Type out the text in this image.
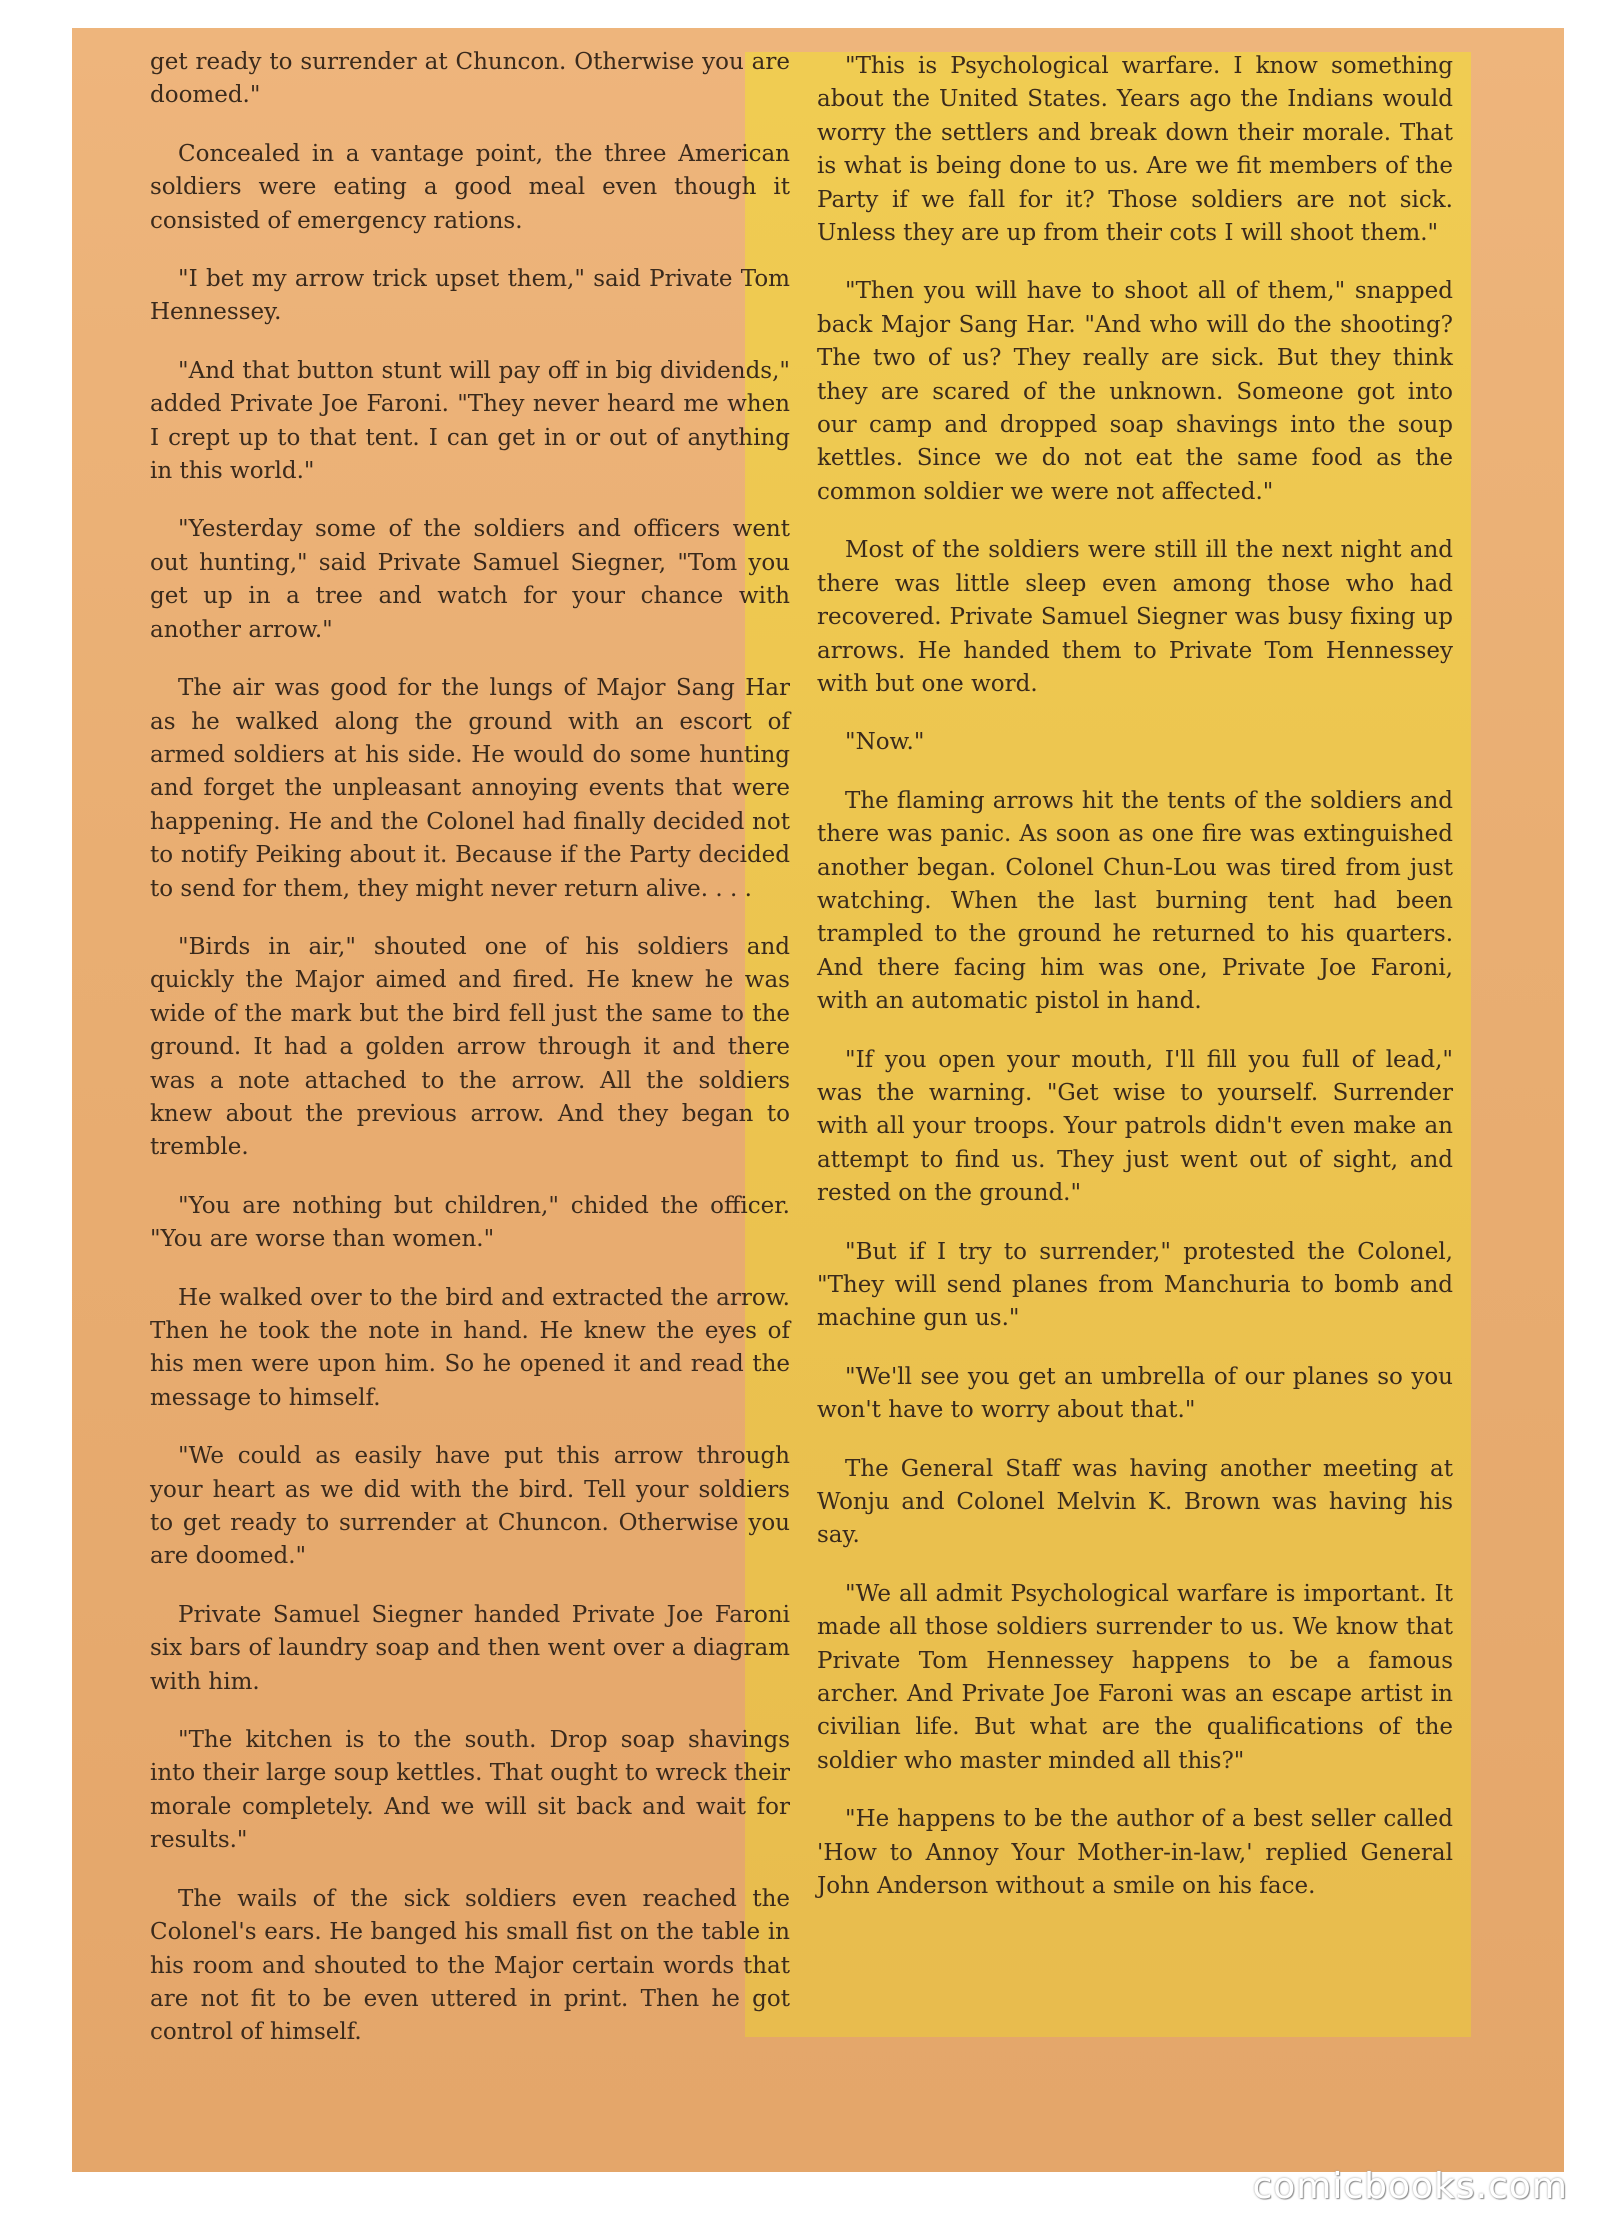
get ready to surrender at Chuncon. Otherwise you are doomed."

Concealed in a vantage point, the three American soldiers were eating a good meal even though it consisted of emergency rations.

"I bet my arrow trick upset them," said Private Tom Hennessey.

"And that button stunt will pay off in big dividends," added Private Joe Faroni. "They never heard me when I crept up to that tent. I can get in or out of anything in this world."

"Yesterday some of the soldiers and officers went out hunting," said Private Samuel Siegner, "Tom you get up in a tree and watch for your chance with another arrow."

The air was good for the lungs of Major Sang Har as he walked along the ground with an escort of armed soldiers at his side. He would do some hunting and forget the unpleasant annoying events that were happening. He and the Colonel had finally decided not to notify Peiking about it. Because if the Party decided to send for them, they might never return alive. . . .

"Birds in air," shouted one of his soldiers and quickly the Major aimed and fired. He knew he was wide of the mark but the bird fell just the same to the ground. It had a golden arrow through it and there was a note attached to the arrow. All the soldiers knew about the previous arrow. And they began to tremble.

"You are nothing but children," chided the officer. "You are worse than women."

He walked over to the bird and extracted the arrow. Then he took the note in hand. He knew the eyes of his men were upon him. So he opened it and read the message to himself.

"We could as easily have put this arrow through your heart as we did with the bird. Tell your soldiers to get ready to surrender at Chuncon. Otherwise you are doomed."

Private Samuel Siegner handed Private Joe Faroni six bars of laundry soap and then went over a diagram with him.

"The kitchen is to the south. Drop soap shavings into their large soup kettles. That ought to wreck their morale completely. And we will sit back and wait for results."

The wails of the sick soldiers even reached the Colonel's ears. He banged his small fist on the table in his room and shouted to the Major certain words that are not fit to be even uttered in print. Then he got control of himself.

"This is Psychological warfare. I know something about the United States. Years ago the Indians would worry the settlers and break down their morale. That is what is being done to us. Are we fit members of the Party if we fall for it? Those soldiers are not sick. Unless they are up from their cots I will shoot them."

"Then you will have to shoot all of them," snapped back Major Sang Har. "And who will do the shooting? The two of us? They really are sick. But they think they are scared of the unknown. Someone got into our camp and dropped soap shavings into the soup kettles. Since we do not eat the same food as the common soldier we were not affected."

Most of the soldiers were still ill the next night and there was little sleep even among those who had recovered. Private Samuel Siegner was busy fixing up arrows. He handed them to Private Tom Hennessey with but one word.

"Now."

The flaming arrows hit the tents of the soldiers and there was panic. As soon as one fire was extinguished another began. Colonel Chun-Lou was tired from just watching. When the last burning tent had been trampled to the ground he returned to his quarters. And there facing him was one, Private Joe Faroni, with an automatic pistol in hand.

"If you open your mouth, I'll fill you full of lead," was the warning. "Get wise to yourself. Surrender with all your troops. Your patrols didn't even make an attempt to find us. They just went out of sight, and rested on the ground."

"But if I try to surrender," protested the Colonel, "They will send planes from Manchuria to bomb and machine gun us."

"We'll see you get an umbrella of our planes so you won't have to worry about that."

The General Staff was having another meeting at Wonju and Colonel Melvin K. Brown was having his say.

"We all admit Psychological warfare is important. It made all those soldiers surrender to us. We know that Private Tom Hennessey happens to be a famous archer. And Private Joe Faroni was an escape artist in civilian life. But what are the qualifications of the soldier who master minded all this?"

"He happens to be the author of a best seller called 'How to Annoy Your Mother-in-law,' replied General John Anderson without a smile on his face.

comicbooks.com
